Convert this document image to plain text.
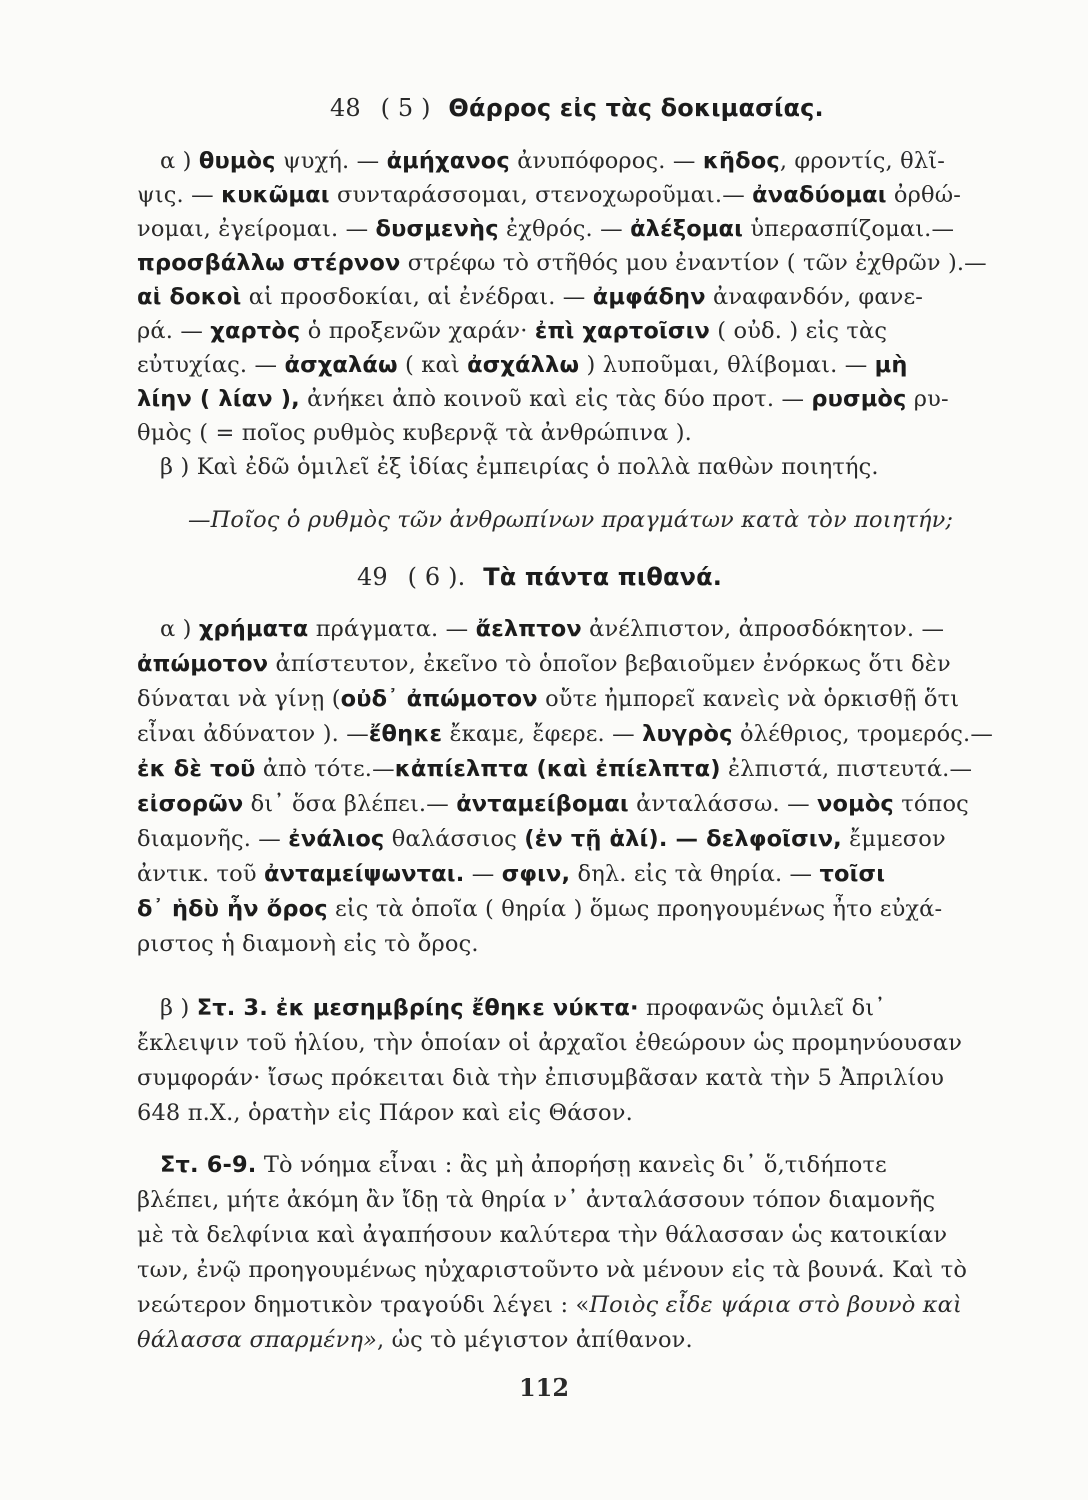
48 ( 5 ) Θάρρος εἰς τὰς δοκιμασίας.
α ) θυμὸς ψυχή. — ἀμήχανος ἀνυπόφορος. — κῆδος, φροντίς, θλῖ-
ψις. — κυκῶμαι συνταράσσομαι, στενοχωροῦμαι.— ἀναδύομαι ὀρθώ-
νομαι, ἐγείρομαι. — δυσμενὴς ἐχθρός. — ἀλέξομαι ὑπερασπίζομαι.—
προσβάλλω στέρνον στρέφω τὸ στῆθός μου ἐναντίον ( τῶν ἐχθρῶν ).—
αἱ δοκοὶ αἱ προσδοκίαι, αἱ ἐνέδραι. — ἀμφάδην ἀναφανδόν, φανε-
ρά. — χαρτὸς ὁ προξενῶν χαράν· ἐπὶ χαρτοῖσιν ( οὐδ. ) εἰς τὰς
εὐτυχίας. — ἀσχαλάω ( καὶ ἀσχάλλω ) λυποῦμαι, θλίβομαι. — μὴ
λίην ( λίαν ), ἀνήκει ἀπὸ κοινοῦ καὶ εἰς τὰς δύο προτ. — ρυσμὸς ρυ-
θμὸς ( = ποῖος ρυθμὸς κυβερνᾷ τὰ ἀνθρώπινα ).
β ) Καὶ ἐδῶ ὁμιλεῖ ἐξ ἰδίας ἐμπειρίας ὁ πολλὰ παθὼν ποιητής.
—Ποῖος ὁ ρυθμὸς τῶν ἀνθρωπίνων πραγμάτων κατὰ τὸν ποιητήν;
49 ( 6 ). Τὰ πάντα πιθανά.
α ) χρήματα πράγματα. — ἄελπτον ἀνέλπιστον, ἀπροσδόκητον. —
ἀπώμοτον ἀπίστευτον, ἐκεῖνο τὸ ὁποῖον βεβαιοῦμεν ἐνόρκως ὅτι δὲν
δύναται νὰ γίνῃ (οὐδ᾽ ἀπώμοτον οὔτε ἠμπορεῖ κανεὶς νὰ ὁρκισθῇ ὅτι
εἶναι ἀδύνατον ). —ἔθηκε ἔκαμε, ἔφερε. — λυγρὸς ὀλέθριος, τρομερός.—
ἐκ δὲ τοῦ ἀπὸ τότε.—κἀπίελπτα (καὶ ἐπίελπτα) ἐλπιστά, πιστευτά.—
εἰσορῶν δι᾽ ὅσα βλέπει.— ἀνταμείβομαι ἀνταλάσσω. — νομὸς τόπος
διαμονῆς. — ἐνάλιος θαλάσσιος (ἐν τῇ ἁλί). — δελφοῖσιν, ἔμμεσον
ἀντικ. τοῦ ἀνταμείψωνται. — σφιν, δηλ. εἰς τὰ θηρία. — τοῖσι
δ᾽ ἡδὺ ἦν ὄρος εἰς τὰ ὁποῖα ( θηρία ) ὅμως προηγουμένως ἦτο εὐχά-
ριστος ἡ διαμονὴ εἰς τὸ ὄρος.
β ) Στ. 3. ἐκ μεσημβρίης ἔθηκε νύκτα· προφανῶς ὁμιλεῖ δι᾽
ἔκλειψιν τοῦ ἡλίου, τὴν ὁποίαν οἱ ἀρχαῖοι ἐθεώρουν ὡς προμηνύουσαν
συμφοράν· ἴσως πρόκειται διὰ τὴν ἐπισυμβᾶσαν κατὰ τὴν 5 Ἀπριλίου
648 π.Χ., ὁρατὴν εἰς Πάρον καὶ εἰς Θάσον.
Στ. 6-9. Τὸ νόημα εἶναι : ἂς μὴ ἀπορήσῃ κανεὶς δι᾽ ὅ,τιδήποτε
βλέπει, μήτε ἀκόμη ἂν ἴδῃ τὰ θηρία ν᾽ ἀνταλάσσουν τόπον διαμονῆς
μὲ τὰ δελφίνια καὶ ἀγαπήσουν καλύτερα τὴν θάλασσαν ὡς κατοικίαν
των, ἐνῷ προηγουμένως ηὐχαριστοῦντο νὰ μένουν εἰς τὰ βουνά. Καὶ τὸ
νεώτερον δημοτικὸν τραγούδι λέγει : «Ποιὸς εἶδε ψάρια στὸ βουνὸ καὶ
θάλασσα σπαρμένη», ὡς τὸ μέγιστον ἀπίθανον.
112
